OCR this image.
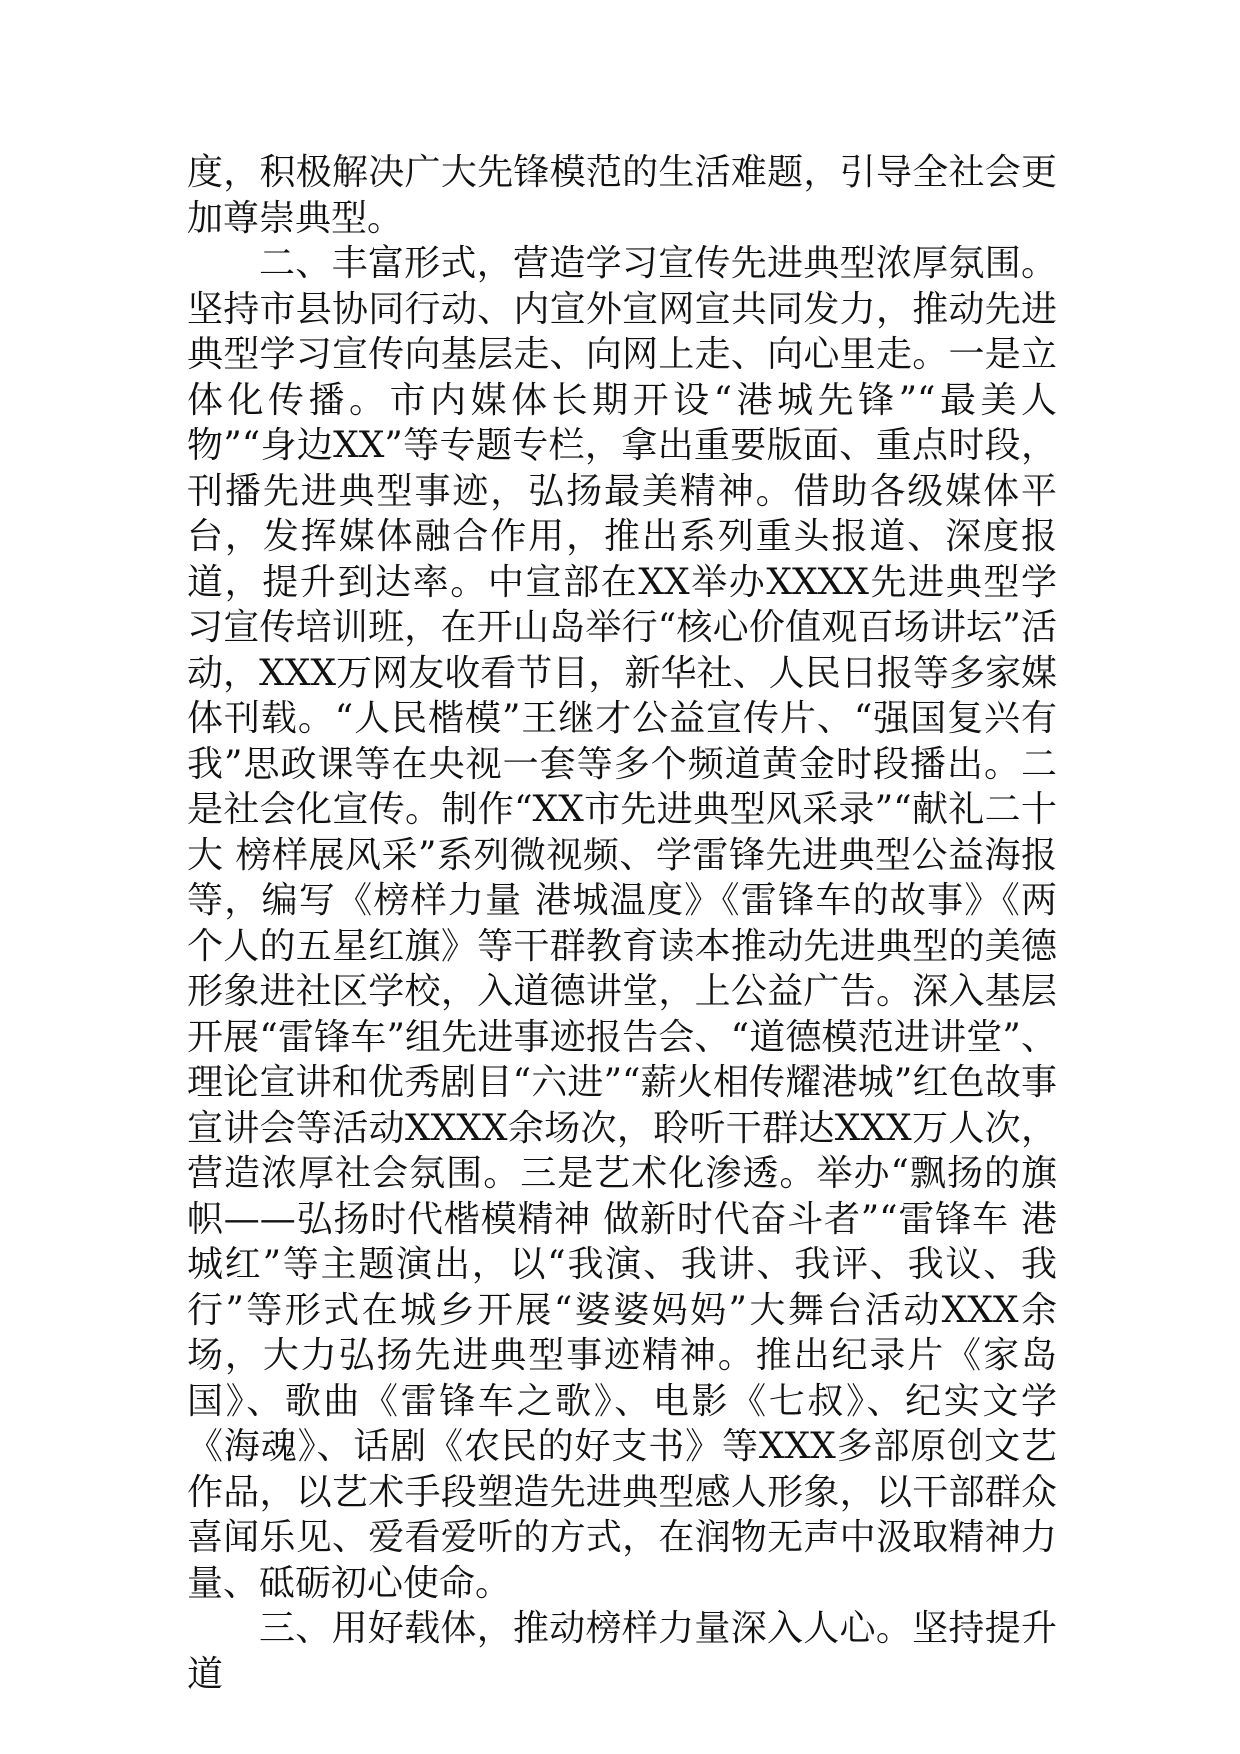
度，积极解决广大先锋模范的生活难题，引导全社会更加尊崇典型。

二、丰富形式，营造学习宣传先进典型浓厚氛围。坚持市县协同行动、内宣外宣网宣共同发力，推动先进典型学习宣传向基层走、向网上走、向心里走。一是立体化传播。市内媒体长期开设“港城先锋”“最美人物”“身边XX”等专题专栏，拿出重要版面、重点时段，刊播先进典型事迹，弘扬最美精神。借助各级媒体平台，发挥媒体融合作用，推出系列重头报道、深度报道，提升到达率。中宣部在XX举办XXXX先进典型学习宣传培训班，在开山岛举行“核心价值观百场讲坛”活动，XXX万网友收看节目，新华社、人民日报等多家媒体刊载。“人民楷模”王继才公益宣传片、“强国复兴有我”思政课等在央视一套等多个频道黄金时段播出。二是社会化宣传。制作“XX市先进典型风采录”“献礼二十大 榜样展风采”系列微视频、学雷锋先进典型公益海报等，编写《榜样力量 港城温度》《雷锋车的故事》《两个人的五星红旗》等干群教育读本推动先进典型的美德形象进社区学校，入道德讲堂，上公益广告。深入基层开展“雷锋车”组先进事迹报告会、“道德模范进讲堂”、理论宣讲和优秀剧目“六进”“薪火相传耀港城”红色故事宣讲会等活动XXXX余场次，聆听干群达XXX万人次，营造浓厚社会氛围。三是艺术化渗透。举办“飘扬的旗帜——弘扬时代楷模精神 做新时代奋斗者”“雷锋车 港城红”等主题演出，以“我演、我讲、我评、我议、我行”等形式在城乡开展“婆婆妈妈”大舞台活动XXX余场，大力弘扬先进典型事迹精神。推出纪录片《家岛国》、歌曲《雷锋车之歌》、电影《七叔》、纪实文学《海魂》、话剧《农民的好支书》等XXX多部原创文艺作品，以艺术手段塑造先进典型感人形象，以干部群众喜闻乐见、爱看爱听的方式，在润物无声中汲取精神力量、砥砺初心使命。

三、用好载体，推动榜样力量深入人心。坚持提升道
